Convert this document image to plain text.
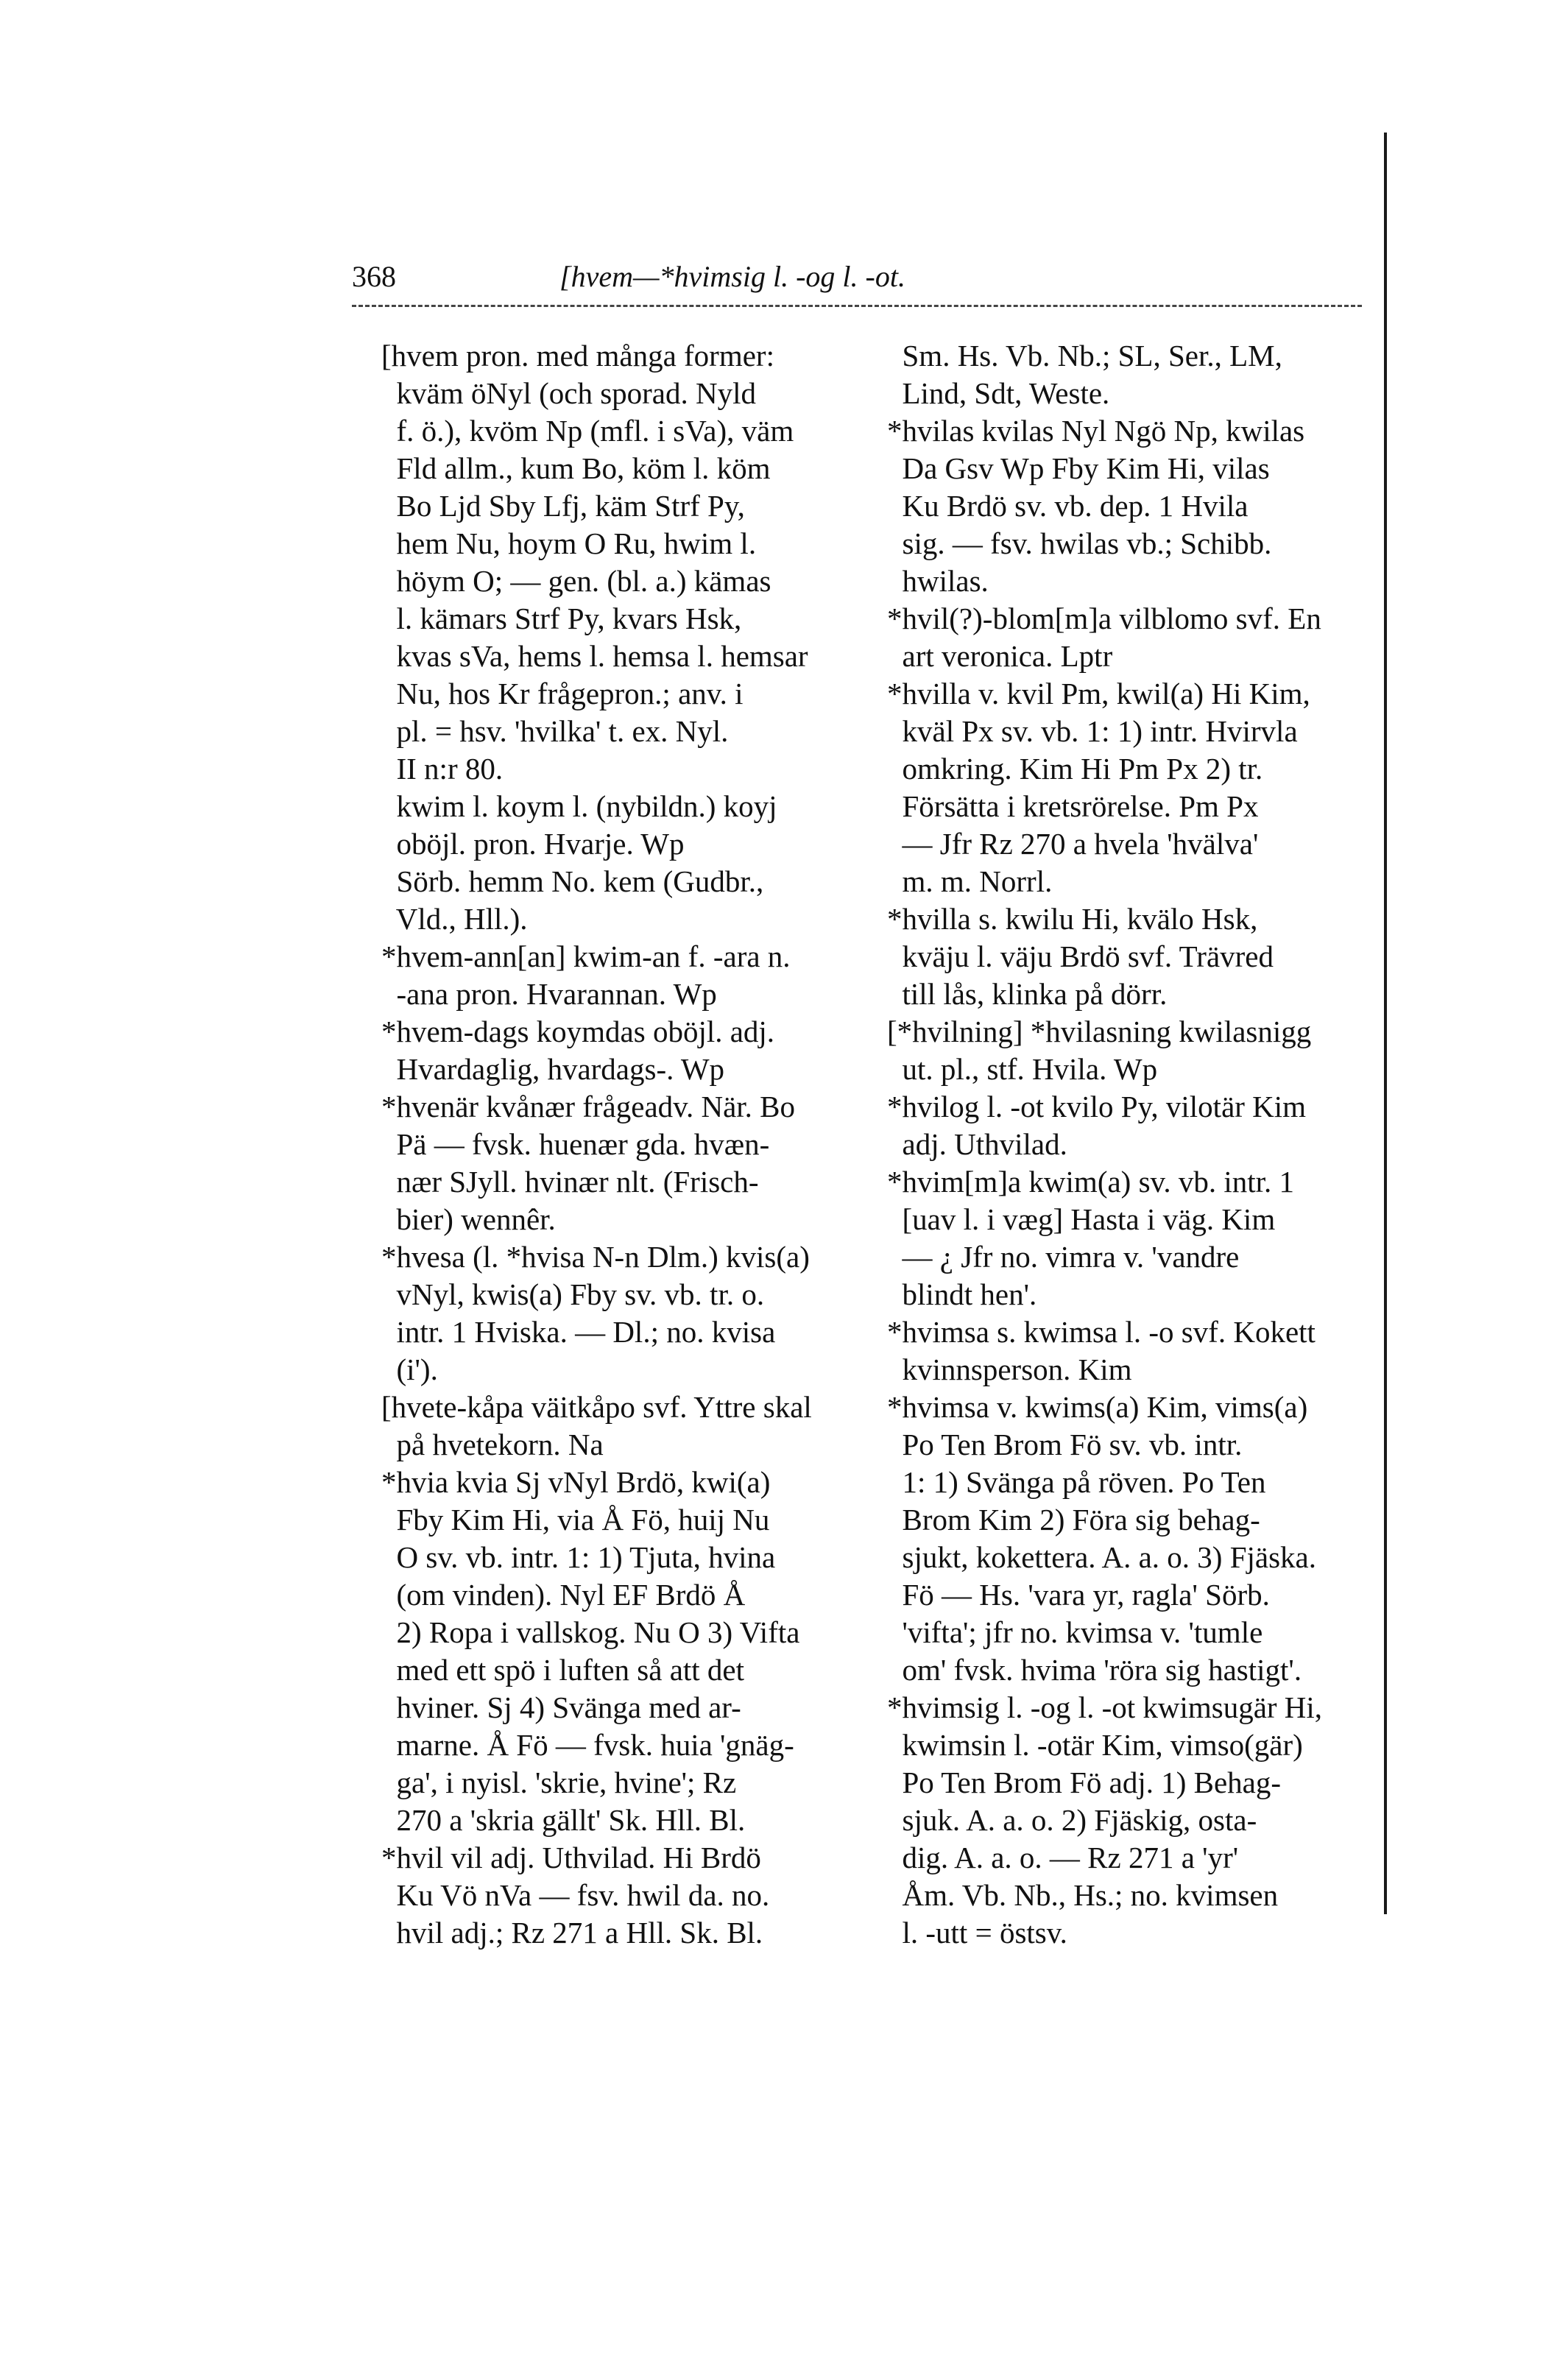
368	[hvem—*hvimsig l. -og l. -ot.
[hvem pron. med många former:
kväm öNyl (och sporad. Nyld
f. ö.), kvöm Np (mfl. i sVa), väm
Fld allm., kum Bo, köm l. köm
Bo Ljd Sby Lfj, käm Strf Py,
hem Nu, hoym O Ru, hwim l.
höym O; — gen. (bl. a.) kämas
l. kämars Strf Py, kvars Hsk,
kvas sVa, hems l. hemsa l. hemsar
Nu, hos Kr frågepron.; anv. i
pl. = hsv. 'hvilka' t. ex. Nyl.
II n:r 80.
kwim l. koym l. (nybildn.) koyj
oböjl. pron. Hvarje. Wp
Sörb. hemm No. kem (Gudbr.,
Vld., Hll.).
*hvem-ann[an] kwim-an f. -ara n.
-ana pron. Hvarannan. Wp
*hvem-dags koymdas oböjl. adj.
Hvardaglig, hvardags-. Wp
*hvenär kvånær frågeadv. När. Bo
Pä — fvsk. huenær gda. hvæn-
nær SJyll. hvinær nlt. (Frisch-
bier) wennêr.
*hvesa (l. *hvisa N-n Dlm.) kvis(a)
vNyl, kwis(a) Fby sv. vb. tr. o.
intr. 1 Hviska. — Dl.; no. kvisa
(i').
[hvete-kåpa väitkåpo svf. Yttre skal
på hvetekorn. Na
*hvia kvia Sj vNyl Brdö, kwi(a)
Fby Kim Hi, via Å Fö, huij Nu
O sv. vb. intr. 1: 1) Tjuta, hvina
(om vinden). Nyl EF Brdö Å
2) Ropa i vallskog. Nu O 3) Vifta
med ett spö i luften så att det
hviner. Sj 4) Svänga med ar-
marne. Å Fö — fvsk. huia 'gnäg-
ga', i nyisl. 'skrie, hvine'; Rz
270 a 'skria gällt' Sk. Hll. Bl.
*hvil vil adj. Uthvilad. Hi Brdö
Ku Vö nVa — fsv. hwil da. no.
hvil adj.; Rz 271 a Hll. Sk. Bl.
Sm. Hs. Vb. Nb.; SL, Ser., LM,
Lind, Sdt, Weste.
*hvilas kvilas Nyl Ngö Np, kwilas
Da Gsv Wp Fby Kim Hi, vilas
Ku Brdö sv. vb. dep. 1 Hvila
sig. — fsv. hwilas vb.; Schibb.
hwilas.
*hvil(?)-blom[m]a vilblomo svf. En
art veronica. Lptr
*hvilla v. kvil Pm, kwil(a) Hi Kim,
kväl Px sv. vb. 1: 1) intr. Hvirvla
omkring. Kim Hi Pm Px 2) tr.
Försätta i kretsrörelse. Pm Px
— Jfr Rz 270 a hvela 'hvälva'
m. m. Norrl.
*hvilla s. kwilu Hi, kvälo Hsk,
kväju l. väju Brdö svf. Trävred
till lås, klinka på dörr.
[*hvilning] *hvilasning kwilasnigg
ut. pl., stf. Hvila. Wp
*hvilog l. -ot kvilo Py, vilotär Kim
adj. Uthvilad.
*hvim[m]a kwim(a) sv. vb. intr. 1
[uav l. i væg] Hasta i väg. Kim
— ¿ Jfr no. vimra v. 'vandre
blindt hen'.
*hvimsa s. kwimsa l. -o svf. Kokett
kvinnsperson. Kim
*hvimsa v. kwims(a) Kim, vims(a)
Po Ten Brom Fö sv. vb. intr.
1: 1) Svänga på röven. Po Ten
Brom Kim 2) Föra sig behag-
sjukt, kokettera. A. a. o. 3) Fjäska.
Fö — Hs. 'vara yr, ragla' Sörb.
'vifta'; jfr no. kvimsa v. 'tumle
om' fvsk. hvima 'röra sig hastigt'.
*hvimsig l. -og l. -ot kwimsugär Hi,
kwimsin l. -otär Kim, vimso(gär)
Po Ten Brom Fö adj. 1) Behag-
sjuk. A. a. o. 2) Fjäskig, osta-
dig. A. a. o. — Rz 271 a 'yr'
Åm. Vb. Nb., Hs.; no. kvimsen
l. -utt = östsv.
